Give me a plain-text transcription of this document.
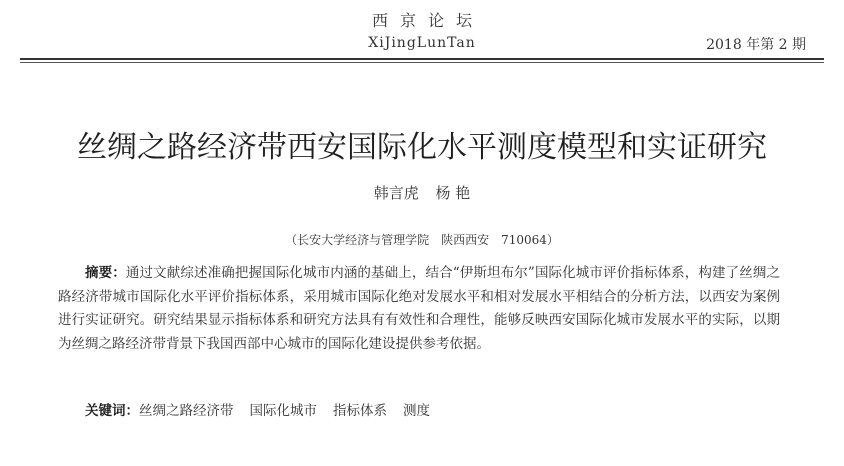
西京论坛
XiJingLunTan	2018 年第 2 期
丝绸之路经济带西安国际化水平测度模型和实证研究
韩言虎 杨 艳
（长安大学经济与管理学院　陕西西安　710064）

摘要：通过文献综述准确把握国际化城市内涵的基础上，结合“伊斯坦布尔”国际化城市评价指标体系，构建了丝绸之路经济带城市国际化水平评价指标体系，采用城市国际化绝对发展水平和相对发展水平相结合的分析方法，以西安为案例进行实证研究。研究结果显示指标体系和研究方法具有有效性和合理性，能够反映西安国际化城市发展水平的实际，以期为丝绸之路经济带背景下我国西部中心城市的国际化建设提供参考依据。

关键词：丝绸之路经济带 国际化城市 指标体系 测度
